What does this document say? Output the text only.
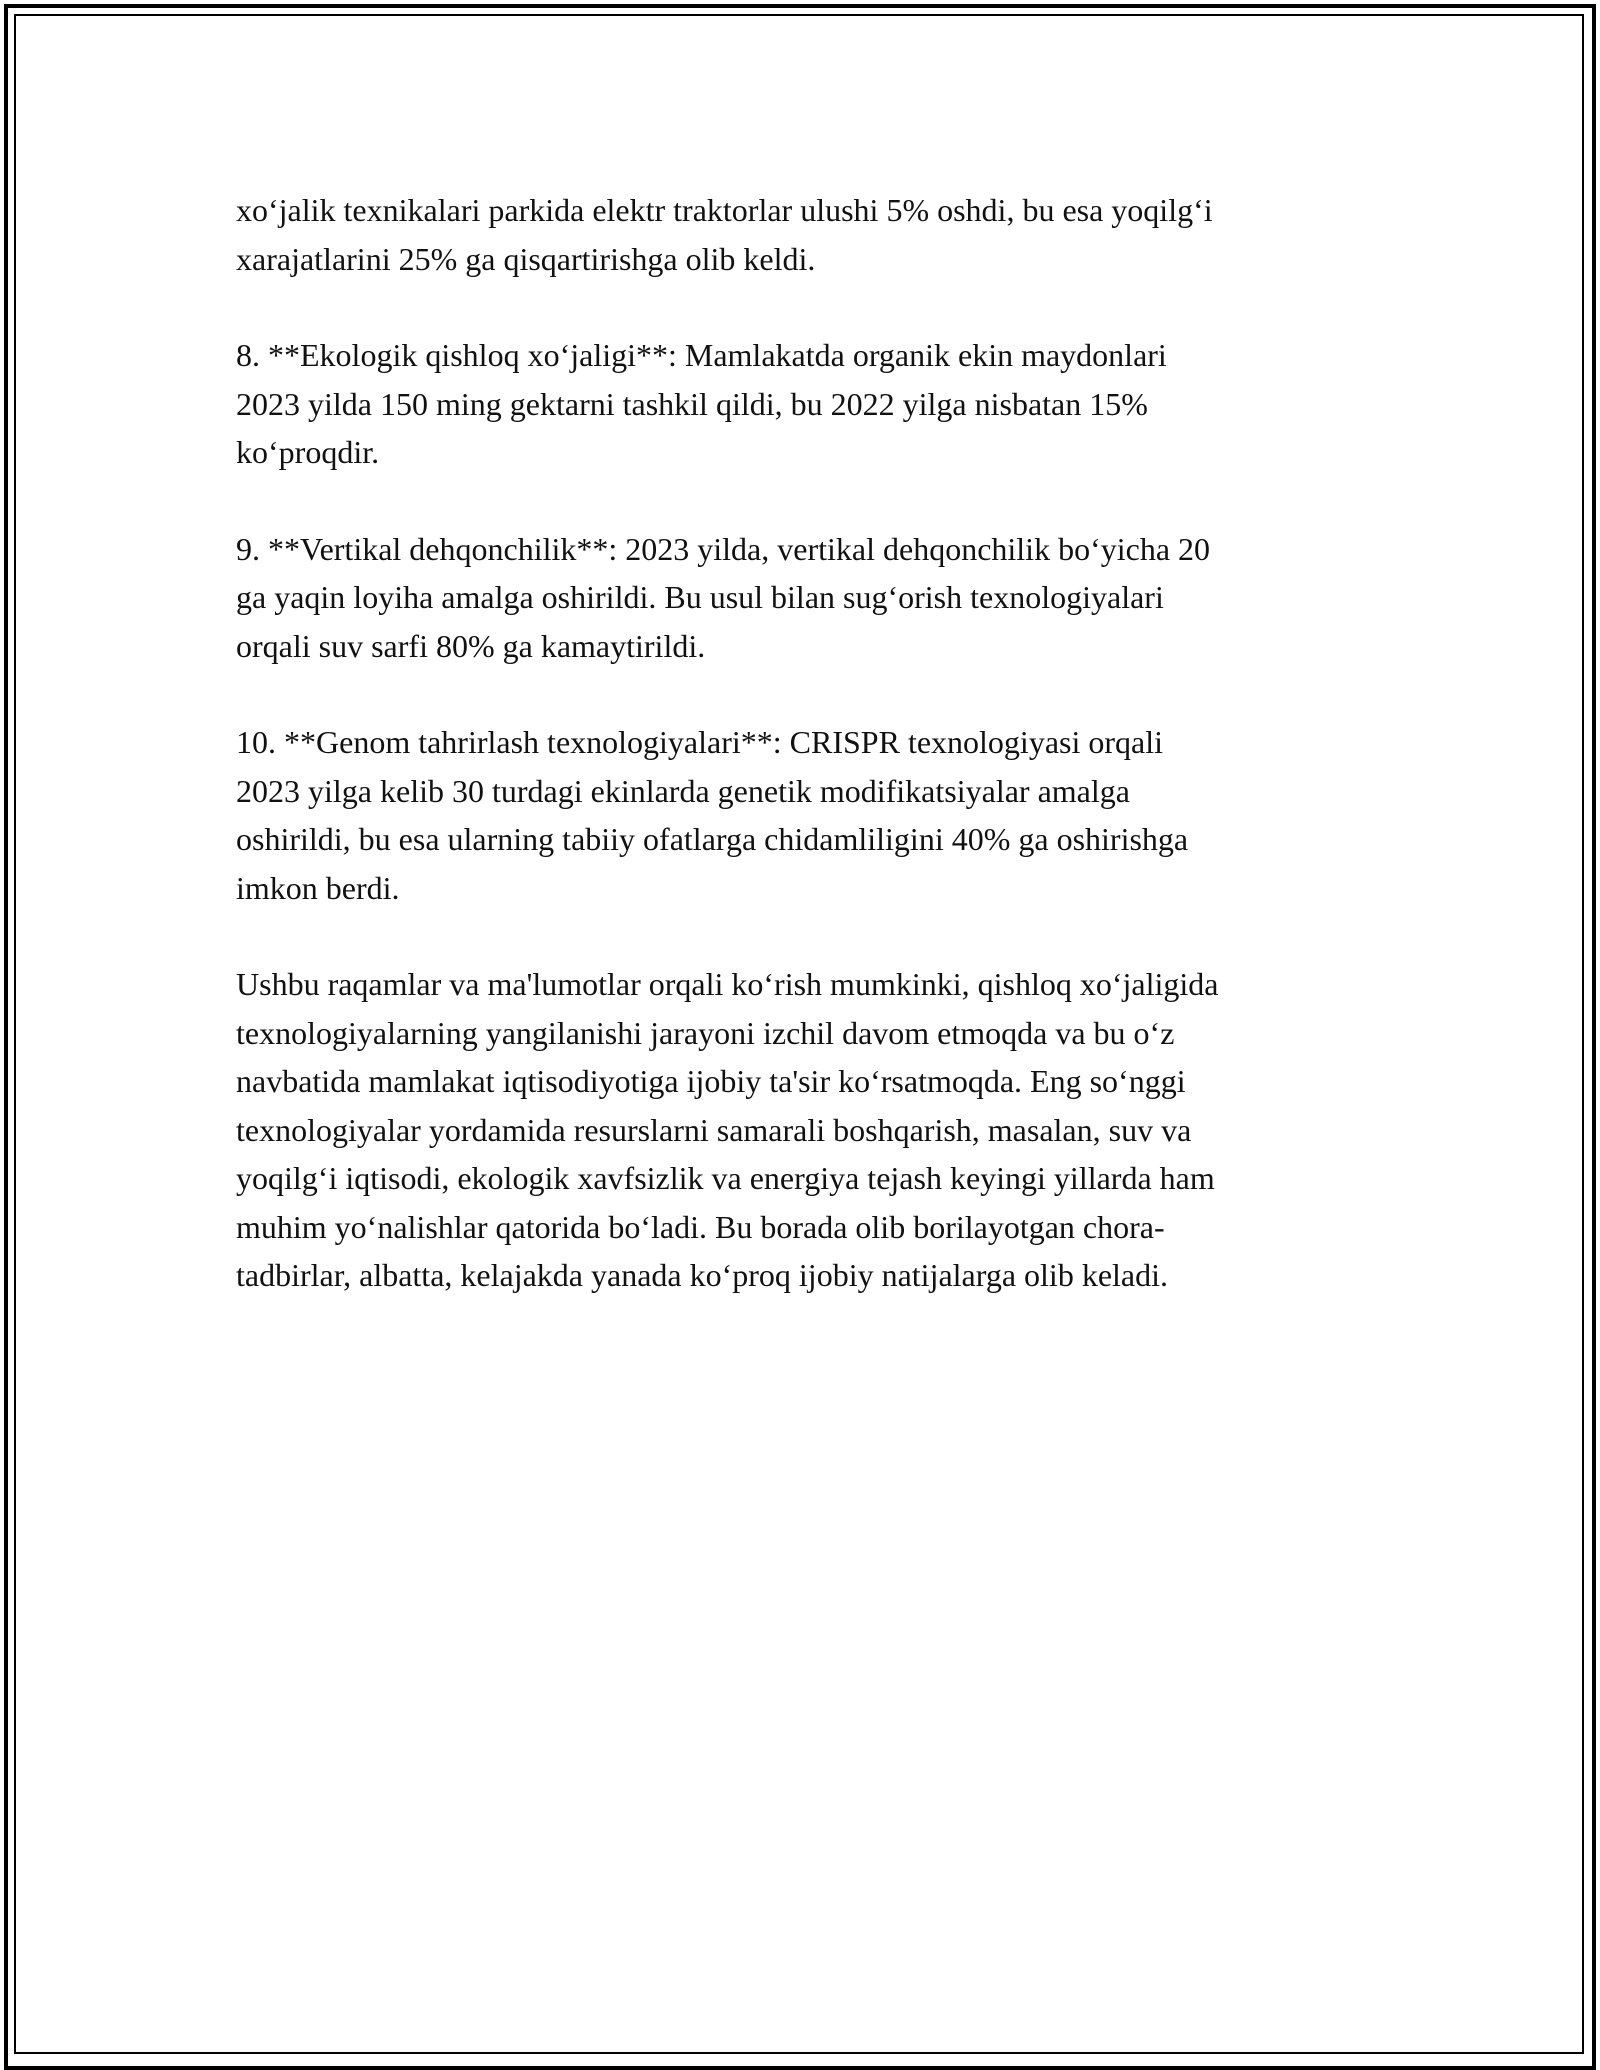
xo‘jalik texnikalari parkida elektr traktorlar ulushi 5% oshdi, bu esa yoqilg‘i
xarajatlarini 25% ga qisqartirishga olib keldi.

8. **Ekologik qishloq xo‘jaligi**: Mamlakatda organik ekin maydonlari
2023 yilda 150 ming gektarni tashkil qildi, bu 2022 yilga nisbatan 15%
ko‘proqdir.

9. **Vertikal dehqonchilik**: 2023 yilda, vertikal dehqonchilik bo‘yicha 20
ga yaqin loyiha amalga oshirildi. Bu usul bilan sug‘orish texnologiyalari
orqali suv sarfi 80% ga kamaytirildi.

10. **Genom tahrirlash texnologiyalari**: CRISPR texnologiyasi orqali
2023 yilga kelib 30 turdagi ekinlarda genetik modifikatsiyalar amalga
oshirildi, bu esa ularning tabiiy ofatlarga chidamliligini 40% ga oshirishga
imkon berdi.

Ushbu raqamlar va ma'lumotlar orqali ko‘rish mumkinki, qishloq xo‘jaligida
texnologiyalarning yangilanishi jarayoni izchil davom etmoqda va bu o‘z
navbatida mamlakat iqtisodiyotiga ijobiy ta'sir ko‘rsatmoqda. Eng so‘nggi
texnologiyalar yordamida resurslarni samarali boshqarish, masalan, suv va
yoqilg‘i iqtisodi, ekologik xavfsizlik va energiya tejash keyingi yillarda ham
muhim yo‘nalishlar qatorida bo‘ladi. Bu borada olib borilayotgan chora-
tadbirlar, albatta, kelajakda yanada ko‘proq ijobiy natijalarga olib keladi.
